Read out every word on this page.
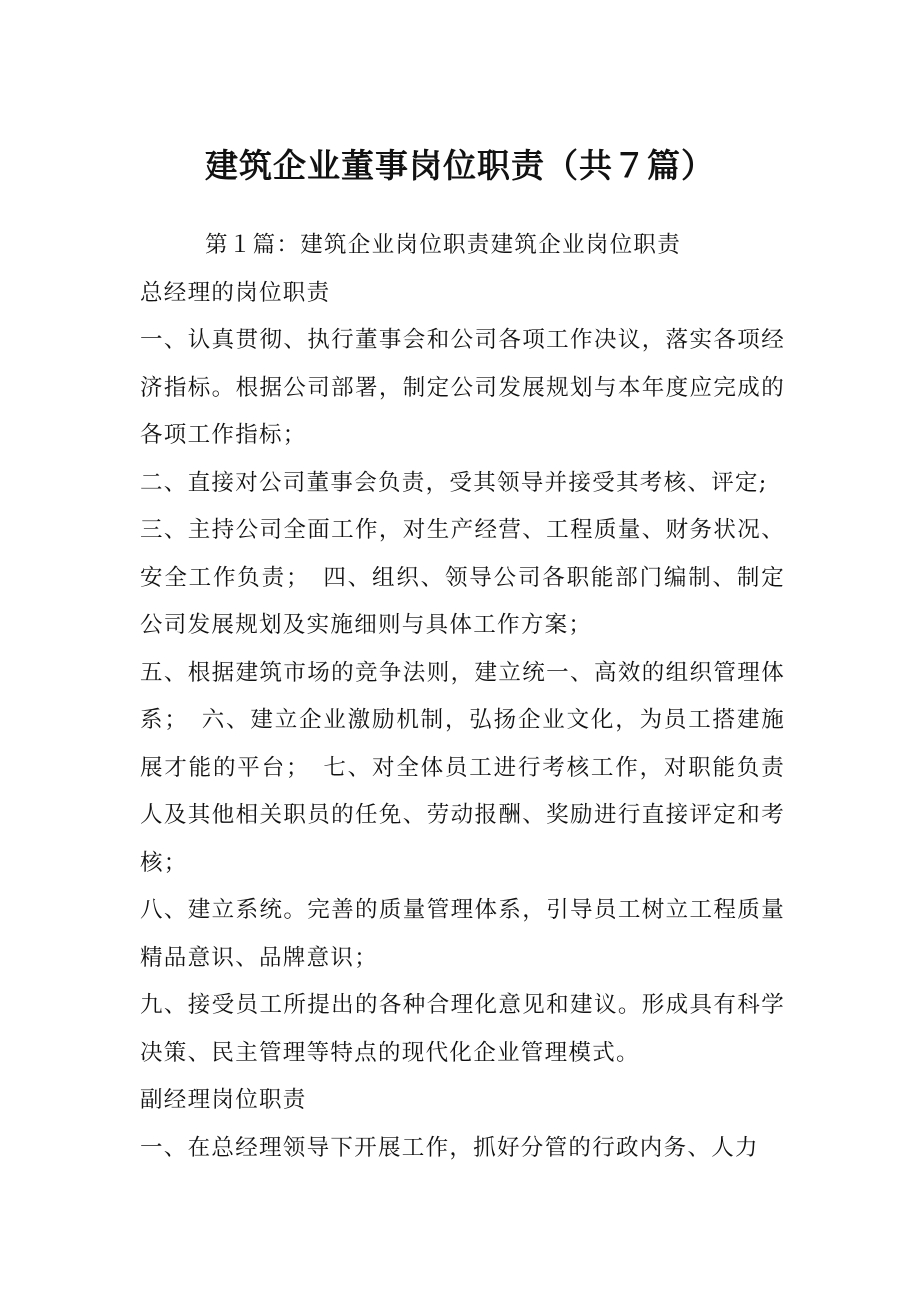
建筑企业董事岗位职责（共７篇）

第１篇：建筑企业岗位职责建筑企业岗位职责

总经理的岗位职责

一、认真贯彻、执行董事会和公司各项工作决议，落实各项经济指标。根据公司部署，制定公司发展规划与本年度应完成的各项工作指标；

二、直接对公司董事会负责，受其领导并接受其考核、评定;

三、主持公司全面工作，对生产经营、工程质量、财务状况、安全工作负责；　四、组织、领导公司各职能部门编制、制定公司发展规划及实施细则与具体工作方案；

五、根据建筑市场的竞争法则，建立统一、高效的组织管理体系；　六、建立企业激励机制，弘扬企业文化，为员工搭建施展才能的平台；　七、对全体员工进行考核工作，对职能负责人及其他相关职员的任免、劳动报酬、奖励进行直接评定和考核；

八、建立系统。完善的质量管理体系，引导员工树立工程质量精品意识、品牌意识；

九、接受员工所提出的各种合理化意见和建议。形成具有科学决策、民主管理等特点的现代化企业管理模式。

副经理岗位职责

一、在总经理领导下开展工作，抓好分管的行政内务、人力
